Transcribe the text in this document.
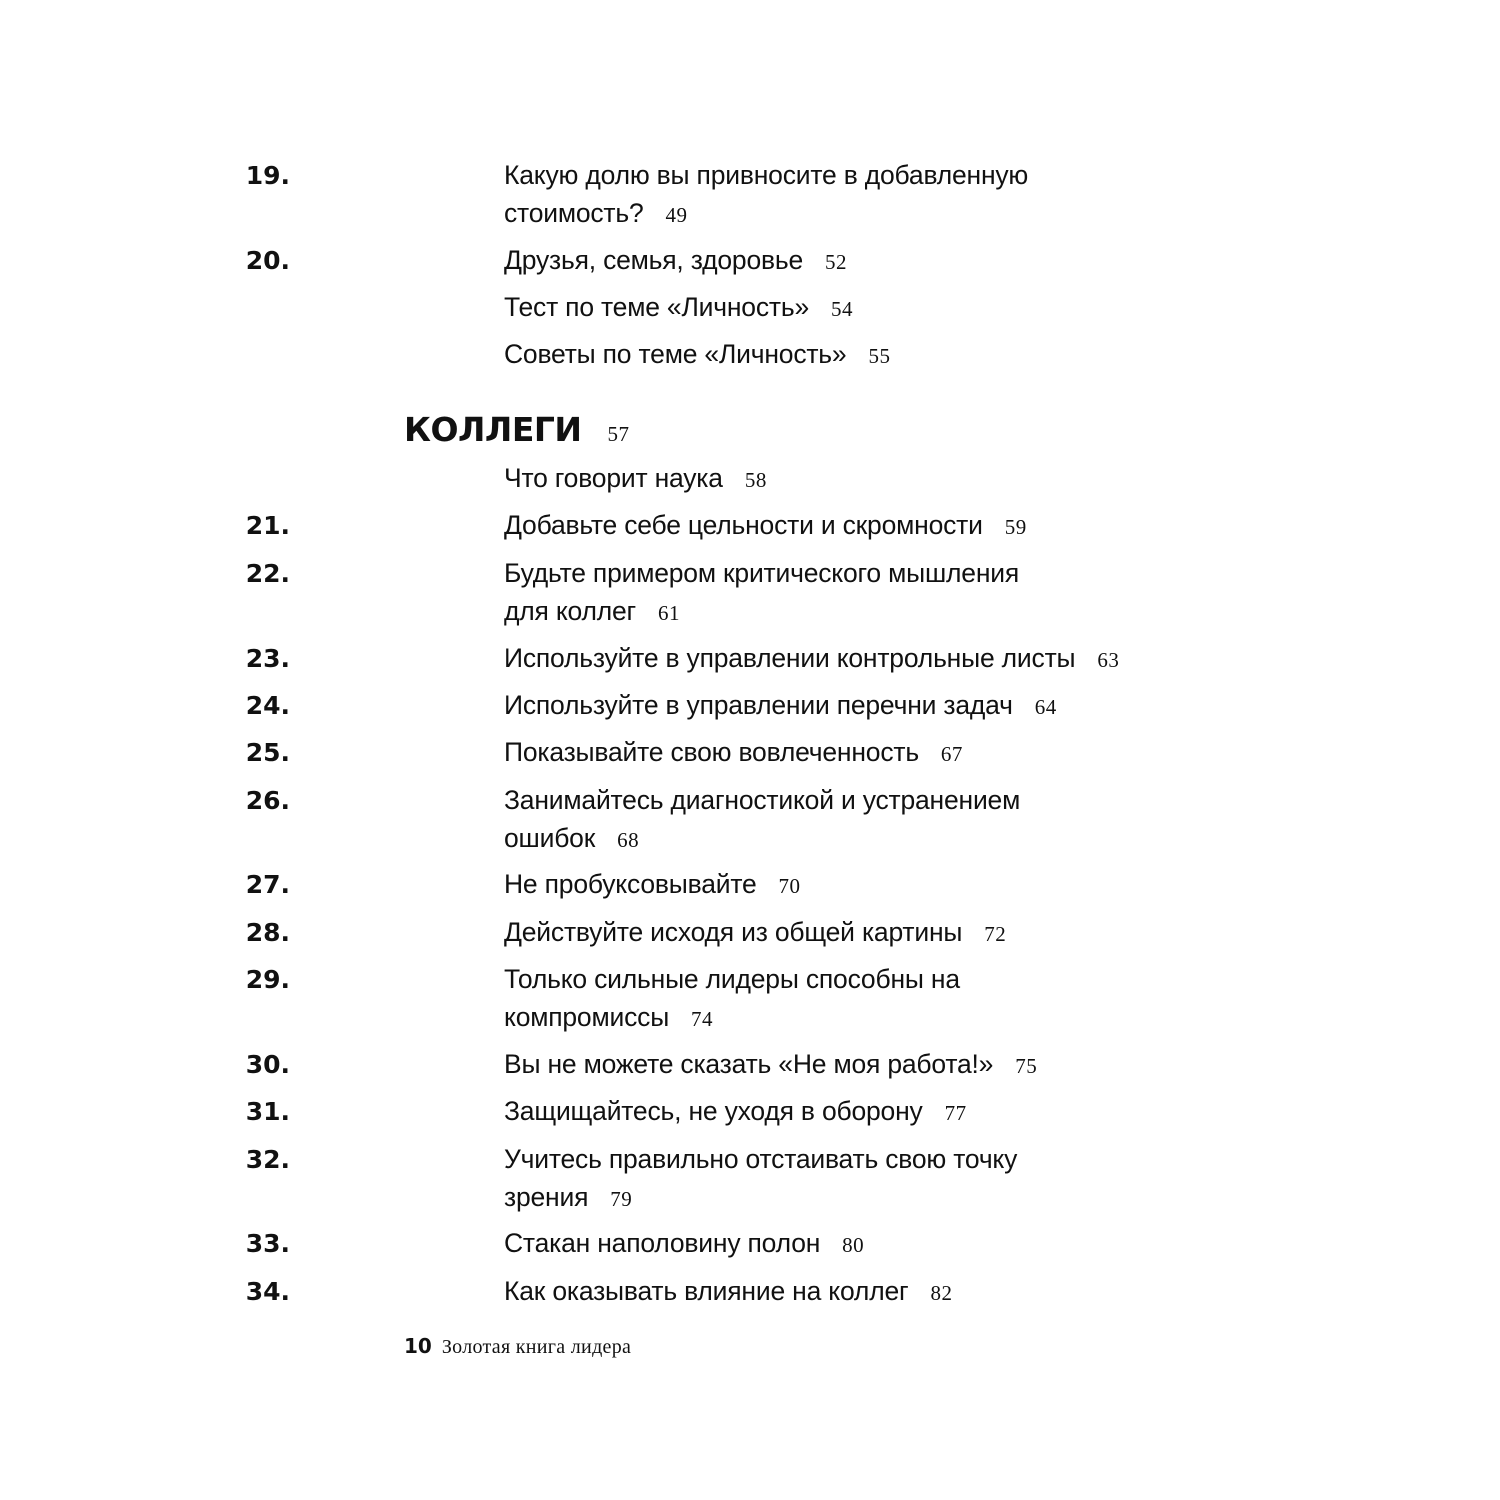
19.	Какую долю вы привносите в добавленную стоимость? 49
20.	Друзья, семья, здоровье 52
Тест по теме «Личность» 54
Советы по теме «Личность» 55
КОЛЛЕГИ 57
Что говорит наука 58
21.	Добавьте себе цельности и скромности 59
22.	Будьте примером критического мышления для коллег 61
23.	Используйте в управлении контрольные листы 63
24.	Используйте в управлении перечни задач 64
25.	Показывайте свою вовлеченность 67
26.	Занимайтесь диагностикой и устранением ошибок 68
27.	Не пробуксовывайте 70
28.	Действуйте исходя из общей картины 72
29.	Только сильные лидеры способны на компромиссы 74
30.	Вы не можете сказать «Не моя работа!» 75
31.	Защищайтесь, не уходя в оборону 77
32.	Учитесь правильно отстаивать свою точку зрения 79
33.	Стакан наполовину полон 80
34.	Как оказывать влияние на коллег 82
10 Золотая книга лидера
